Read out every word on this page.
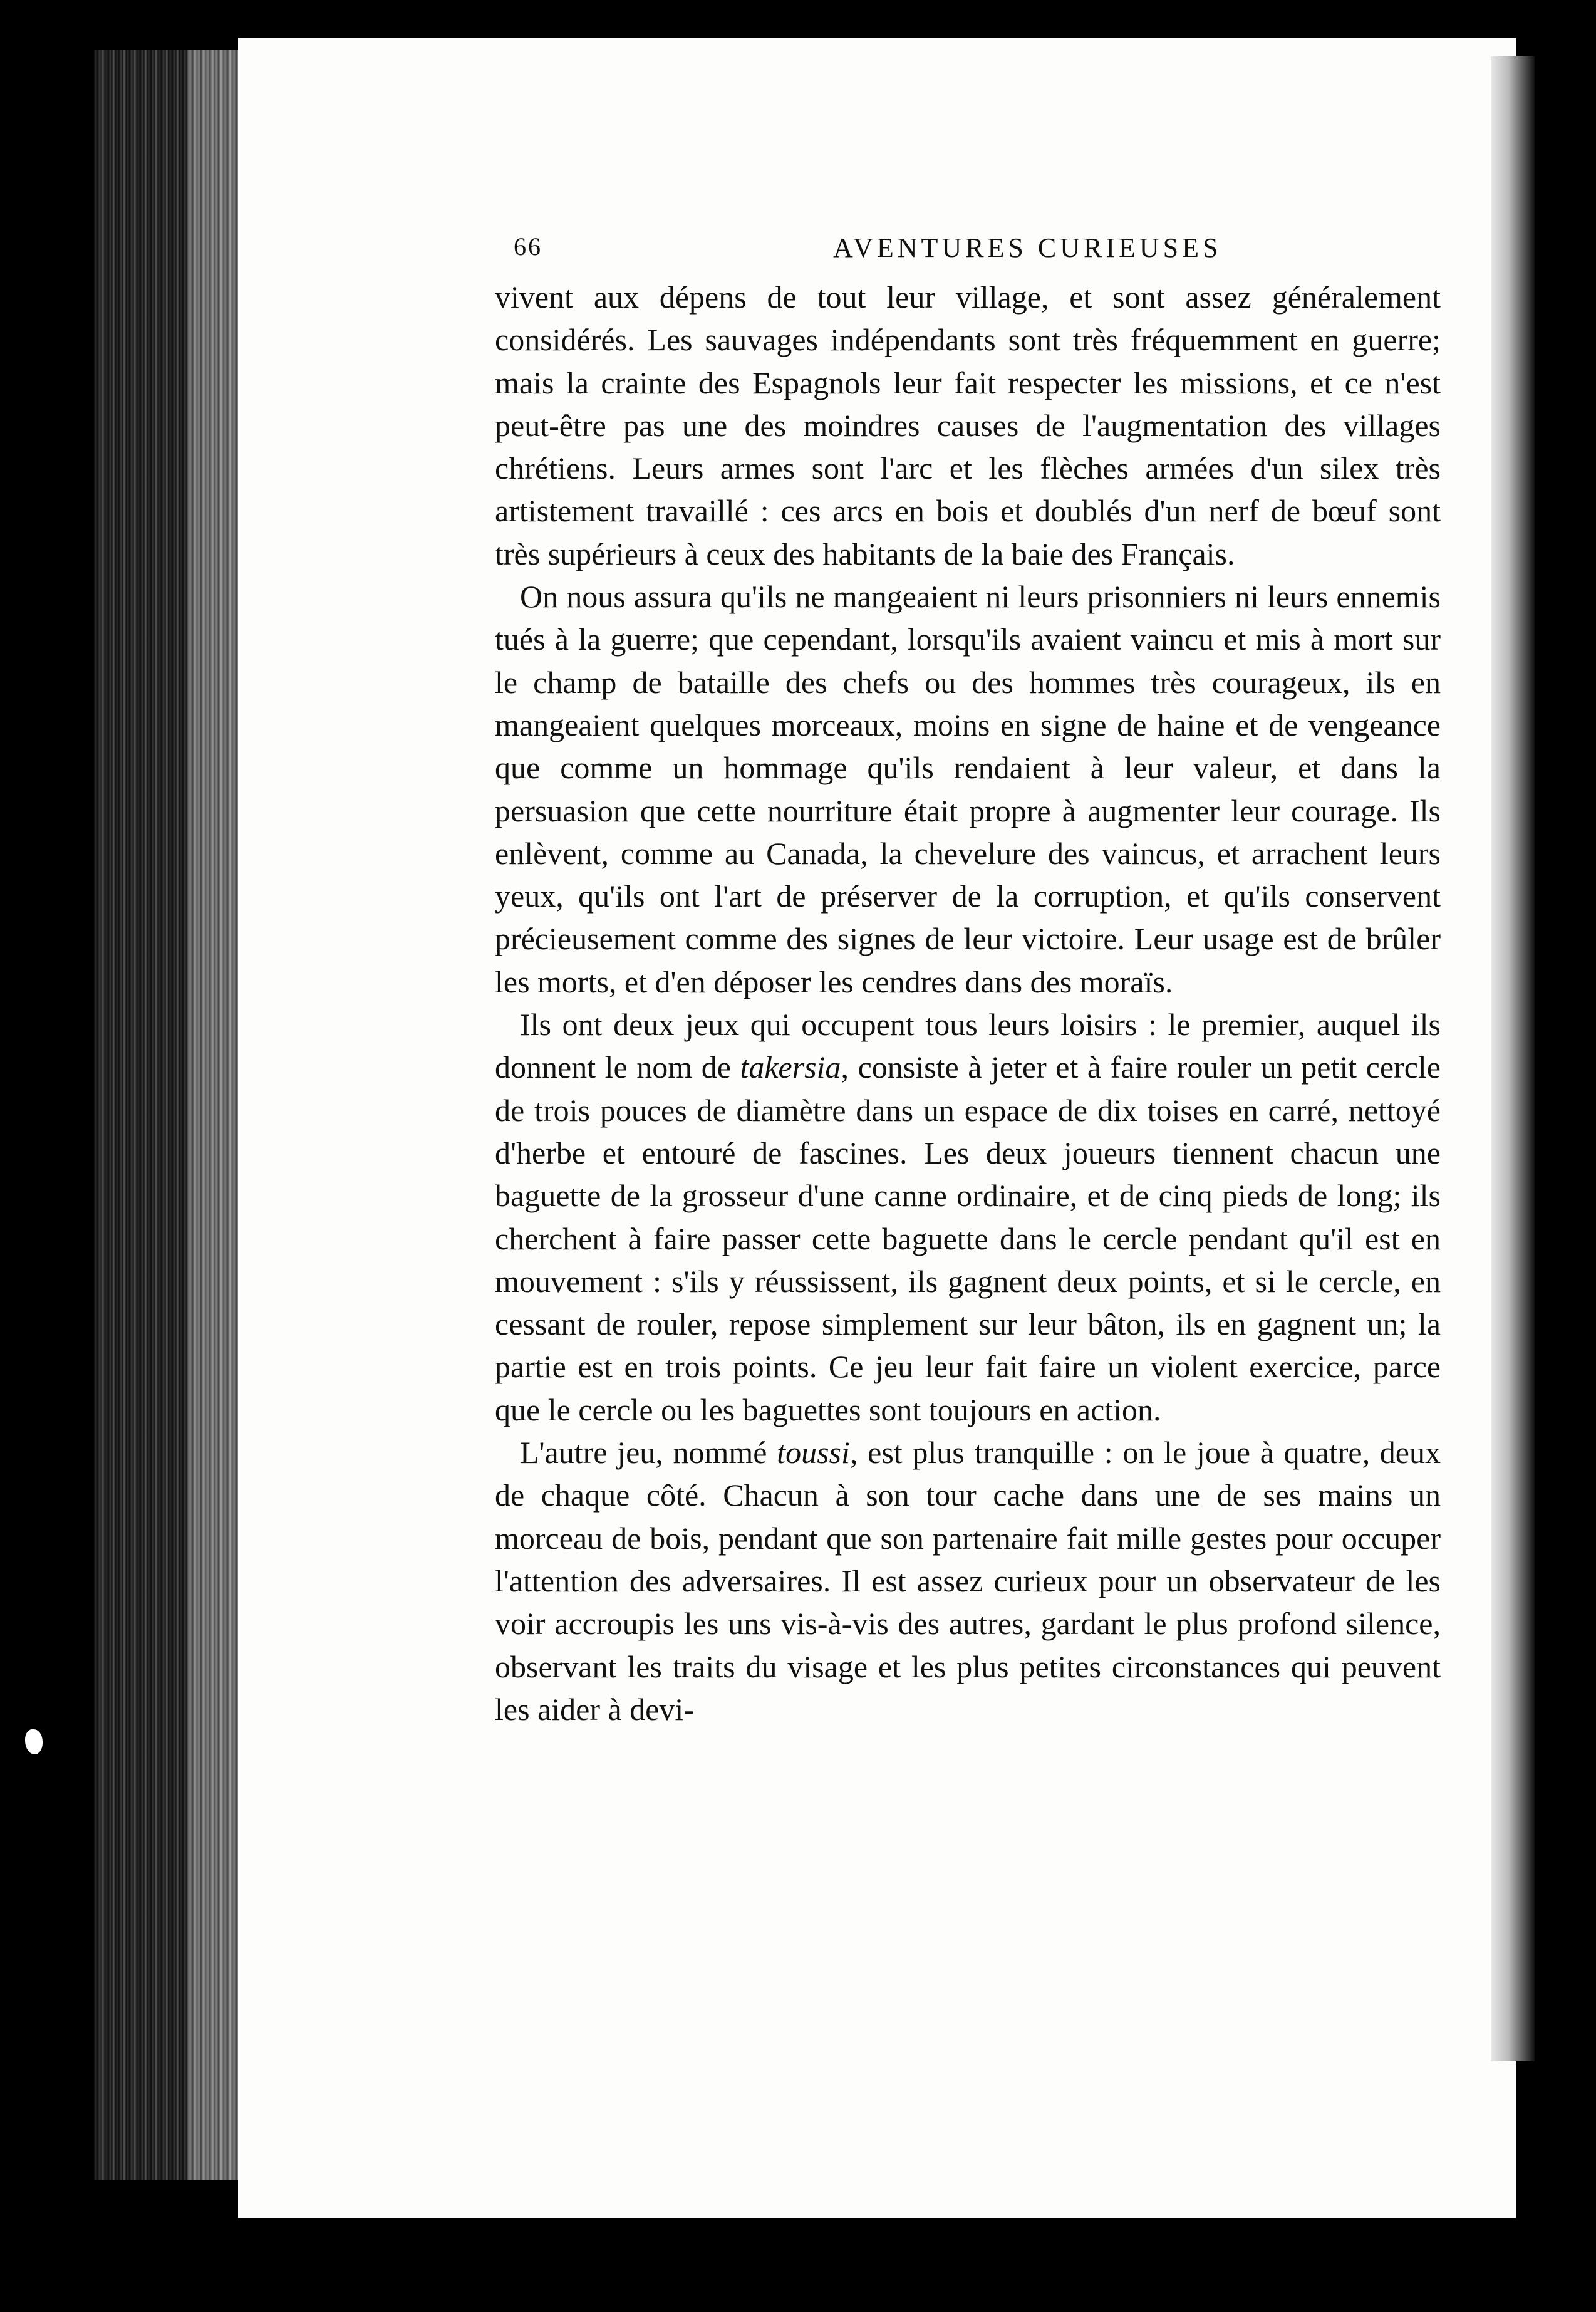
66	AVENTURES CURIEUSES

vivent aux dépens de tout leur village, et sont assez généralement considérés. Les sauvages indépendants sont très fréquemment en guerre; mais la crainte des Espagnols leur fait respecter les missions, et ce n'est peut-être pas une des moindres causes de l'augmentation des villages chrétiens. Leurs armes sont l'arc et les flèches armées d'un silex très artistement travaillé : ces arcs en bois et doublés d'un nerf de bœuf sont très supérieurs à ceux des habitants de la baie des Français.

On nous assura qu'ils ne mangeaient ni leurs prisonniers ni leurs ennemis tués à la guerre; que cependant, lorsqu'ils avaient vaincu et mis à mort sur le champ de bataille des chefs ou des hommes très courageux, ils en mangeaient quelques morceaux, moins en signe de haine et de vengeance que comme un hommage qu'ils rendaient à leur valeur, et dans la persuasion que cette nourriture était propre à augmenter leur courage. Ils enlèvent, comme au Canada, la chevelure des vaincus, et arrachent leurs yeux, qu'ils ont l'art de préserver de la corruption, et qu'ils conservent précieusement comme des signes de leur victoire. Leur usage est de brûler les morts, et d'en déposer les cendres dans des moraïs.

Ils ont deux jeux qui occupent tous leurs loisirs : le premier, auquel ils donnent le nom de takersia, consiste à jeter et à faire rouler un petit cercle de trois pouces de diamètre dans un espace de dix toises en carré, nettoyé d'herbe et entouré de fascines. Les deux joueurs tiennent chacun une baguette de la grosseur d'une canne ordinaire, et de cinq pieds de long; ils cherchent à faire passer cette baguette dans le cercle pendant qu'il est en mouvement : s'ils y réussissent, ils gagnent deux points, et si le cercle, en cessant de rouler, repose simplement sur leur bâton, ils en gagnent un; la partie est en trois points. Ce jeu leur fait faire un violent exercice, parce que le cercle ou les baguettes sont toujours en action.

L'autre jeu, nommé toussi, est plus tranquille : on le joue à quatre, deux de chaque côté. Chacun à son tour cache dans une de ses mains un morceau de bois, pendant que son partenaire fait mille gestes pour occuper l'attention des adversaires. Il est assez curieux pour un observateur de les voir accroupis les uns vis-à-vis des autres, gardant le plus profond silence, observant les traits du visage et les plus petites circonstances qui peuvent les aider à devi-
